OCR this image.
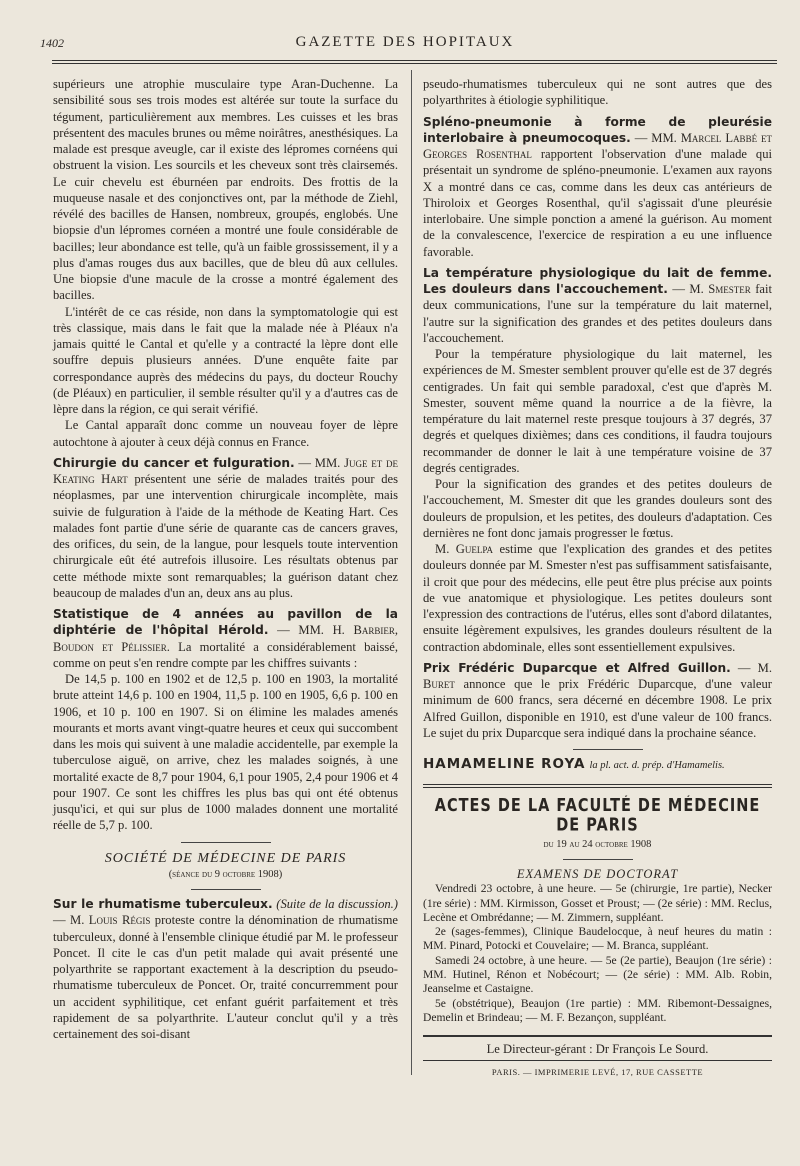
1402	GAZETTE DES HOPITAUX

supérieurs une atrophie musculaire type Aran-Duchenne. La sensibilité sous ses trois modes est altérée sur toute la surface du tégument, particulièrement aux membres. Les cuisses et les bras présentent des macules brunes ou même noirâtres, anesthésiques. La malade est presque aveugle, car il existe des lépromes cornéens qui obstruent la vision. Les sourcils et les cheveux sont très clairsemés. Le cuir chevelu est éburnéen par endroits. Des frottis de la muqueuse nasale et des conjonctives ont, par la méthode de Ziehl, révélé des bacilles de Hansen, nombreux, groupés, englobés. Une biopsie d'un lépromes cornéen a montré une foule considérable de bacilles; leur abondance est telle, qu'à un faible grossissement, il y a plus d'amas rouges dus aux bacilles, que de bleu dû aux cellules. Une biopsie d'une macule de la crosse a montré également des bacilles.

L'intérêt de ce cas réside, non dans la symptomatologie qui est très classique, mais dans le fait que la malade née à Pléaux n'a jamais quitté le Cantal et qu'elle y a contracté la lèpre dont elle souffre depuis plusieurs années. D'une enquête faite par correspondance auprès des médecins du pays, du docteur Rouchy (de Pléaux) en particulier, il semble résulter qu'il y a d'autres cas de lèpre dans la région, ce qui serait vérifié.

Le Cantal apparaît donc comme un nouveau foyer de lèpre autochtone à ajouter à ceux déjà connus en France.

Chirurgie du cancer et fulguration. — MM. Juge et de Keating Hart présentent une série de malades traités pour des néoplasmes, par une intervention chirurgicale incomplète, mais suivie de fulguration à l'aide de la méthode de Keating Hart. Ces malades font partie d'une série de quarante cas de cancers graves, des orifices, du sein, de la langue, pour lesquels toute intervention chirurgicale eût été autrefois illusoire. Les résultats obtenus par cette méthode mixte sont remarquables; la guérison datant chez beaucoup de malades d'un an, deux ans au plus.

Statistique de 4 années au pavillon de la diphtérie de l'hôpital Hérold. — MM. H. Barbier, Boudon et Pélissier. La mortalité a considérablement baissé, comme on peut s'en rendre compte par les chiffres suivants :

De 14,5 p. 100 en 1902 et de 12,5 p. 100 en 1903, la mortalité brute atteint 14,6 p. 100 en 1904, 11,5 p. 100 en 1905, 6,6 p. 100 en 1906, et 10 p. 100 en 1907. Si on élimine les malades amenés mourants et morts avant vingt-quatre heures et ceux qui succombent dans les mois qui suivent à une maladie accidentelle, par exemple la tuberculose aiguë, on arrive, chez les malades soignés, à une mortalité exacte de 8,7 pour 1904, 6,1 pour 1905, 2,4 pour 1906 et 4 pour 1907. Ce sont les chiffres les plus bas qui ont été obtenus jusqu'ici, et qui sur plus de 1000 malades donnent une mortalité réelle de 5,7 p. 100.

SOCIÉTÉ DE MÉDECINE DE PARIS
(séance du 9 octobre 1908)

Sur le rhumatisme tuberculeux. (Suite de la discussion.) — M. Louis Régis proteste contre la dénomination de rhumatisme tuberculeux, donné à l'ensemble clinique étudié par M. le professeur Poncet. Il cite le cas d'un petit malade qui avait présenté une polyarthrite se rapportant exactement à la description du pseudo-rhumatisme tuberculeux de Poncet. Or, traité concurremment pour un accident syphilitique, cet enfant guérit parfaitement et très rapidement de sa polyarthrite. L'auteur conclut qu'il y a très certainement des soi-disant

pseudo-rhumatismes tuberculeux qui ne sont autres que des polyarthrites à étiologie syphilitique.

Spléno-pneumonie à forme de pleurésie interlobaire à pneumocoques. — MM. Marcel Labbé et Georges Rosenthal rapportent l'observation d'une malade qui présentait un syndrome de spléno-pneumonie. L'examen aux rayons X a montré dans ce cas, comme dans les deux cas antérieurs de Thiroloix et Georges Rosenthal, qu'il s'agissait d'une pleurésie interlobaire. Une simple ponction a amené la guérison. Au moment de la convalescence, l'exercice de respiration a eu une influence favorable.

La température physiologique du lait de femme. Les douleurs dans l'accouchement. — M. Smester fait deux communications, l'une sur la température du lait maternel, l'autre sur la signification des grandes et des petites douleurs dans l'accouchement.

Pour la température physiologique du lait maternel, les expériences de M. Smester semblent prouver qu'elle est de 37 degrés centigrades. Un fait qui semble paradoxal, c'est que d'après M. Smester, souvent même quand la nourrice a de la fièvre, la température du lait maternel reste presque toujours à 37 degrés, 37 degrés et quelques dixièmes; dans ces conditions, il faudra toujours recommander de donner le lait à une température voisine de 37 degrés centigrades.

Pour la signification des grandes et des petites douleurs de l'accouchement, M. Smester dit que les grandes douleurs sont des douleurs de propulsion, et les petites, des douleurs d'adaptation. Ces dernières ne font donc jamais progresser le fœtus.

M. Guelpa estime que l'explication des grandes et des petites douleurs donnée par M. Smester n'est pas suffisamment satisfaisante, il croit que pour des médecins, elle peut être plus précise aux points de vue anatomique et physiologique. Les petites douleurs sont l'expression des contractions de l'utérus, elles sont d'abord dilatantes, ensuite légèrement expulsives, les grandes douleurs résultent de la contraction abdominale, elles sont essentiellement expulsives.

Prix Frédéric Duparcque et Alfred Guillon. — M. Buret annonce que le prix Frédéric Duparcque, d'une valeur minimum de 600 francs, sera décerné en décembre 1908. Le prix Alfred Guillon, disponible en 1910, est d'une valeur de 100 francs. Le sujet du prix Duparcque sera indiqué dans la prochaine séance.

HAMAMELINE ROYA la pl. act. d. prép. d'Hamamelis.
ACTES DE LA FACULTÉ DE MÉDECINE DE PARIS
du 19 au 24 octobre 1908
EXAMENS DE DOCTORAT

Vendredi 23 octobre, à une heure. — 5e (chirurgie, 1re partie), Necker (1re série) : MM. Kirmisson, Gosset et Proust; — (2e série) : MM. Reclus, Lecène et Ombrédanne; — M. Zimmern, suppléant.

2e (sages-femmes), Clinique Baudelocque, à neuf heures du matin : MM. Pinard, Potocki et Couvelaire; — M. Branca, suppléant.

Samedi 24 octobre, à une heure. — 5e (2e partie), Beaujon (1re série) : MM. Hutinel, Rénon et Nobécourt; — (2e série) : MM. Alb. Robin, Jeanselme et Castaigne.

5e (obstétrique), Beaujon (1re partie) : MM. Ribemont-Dessaignes, Demelin et Brindeau; — M. F. Bezançon, suppléant.

Le Directeur-gérant : Dr François Le Sourd.
PARIS. — IMPRIMERIE LEVÉ, 17, RUE CASSETTE
